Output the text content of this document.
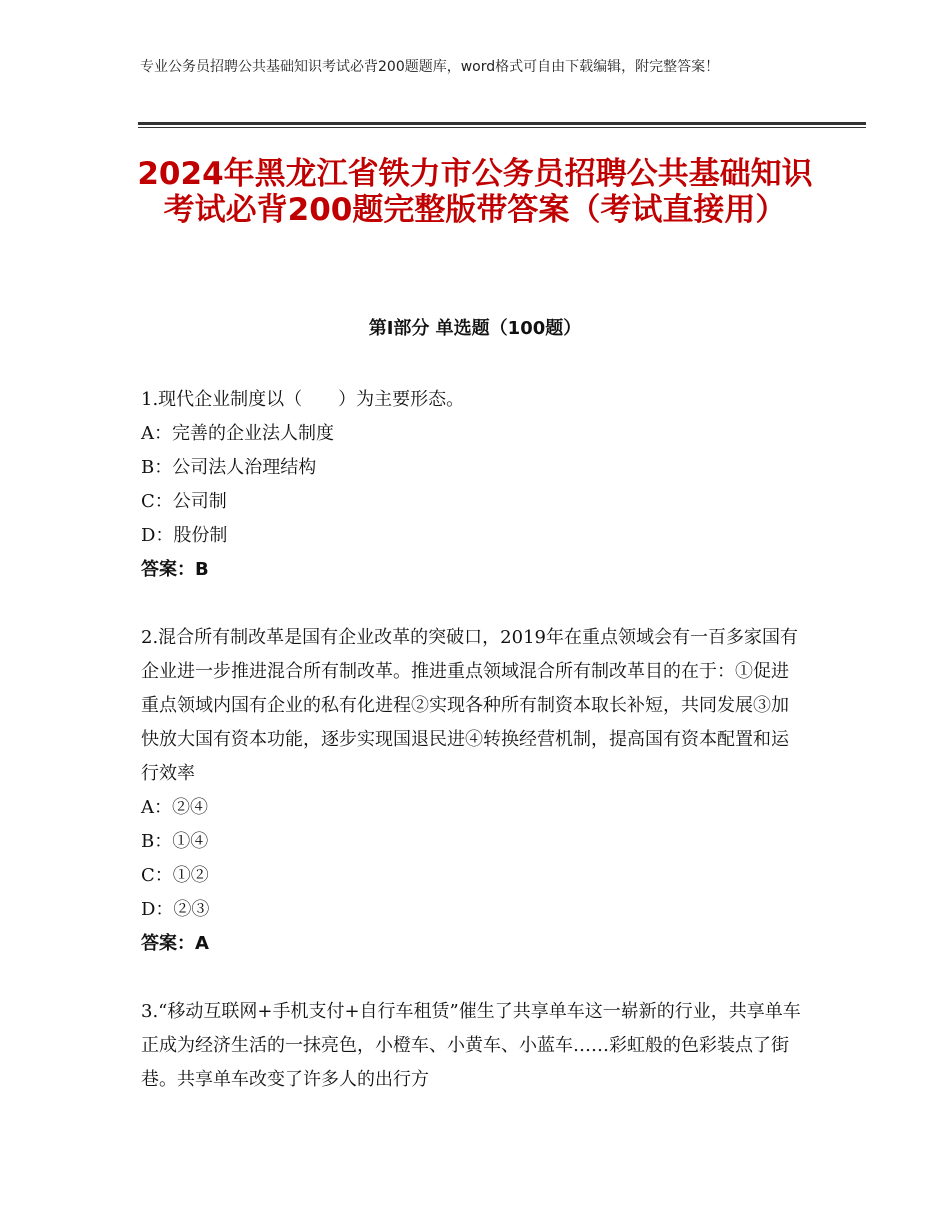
专业公务员招聘公共基础知识考试必背200题题库，word格式可自由下载编辑，附完整答案！
2024年黑龙江省铁力市公务员招聘公共基础知识考试必背200题完整版带答案（考试直接用）
第Ⅰ部分 单选题（100题）

1.现代企业制度以（　　）为主要形态。

A：完善的企业法人制度

B：公司法人治理结构

C：公司制

D：股份制

答案：B

2.混合所有制改革是国有企业改革的突破口，2019年在重点领域会有一百多家国有企业进一步推进混合所有制改革。推进重点领域混合所有制改革目的在于：①促进重点领域内国有企业的私有化进程②实现各种所有制资本取长补短，共同发展③加快放大国有资本功能，逐步实现国退民进④转换经营机制，提高国有资本配置和运行效率

A：②④

B：①④

C：①②

D：②③

答案：A

3.“移动互联网+手机支付+自行车租赁”催生了共享单车这一崭新的行业，共享单车正成为经济生活的一抹亮色，小橙车、小黄车、小蓝车……彩虹般的色彩装点了街巷。共享单车改变了许多人的出行方
